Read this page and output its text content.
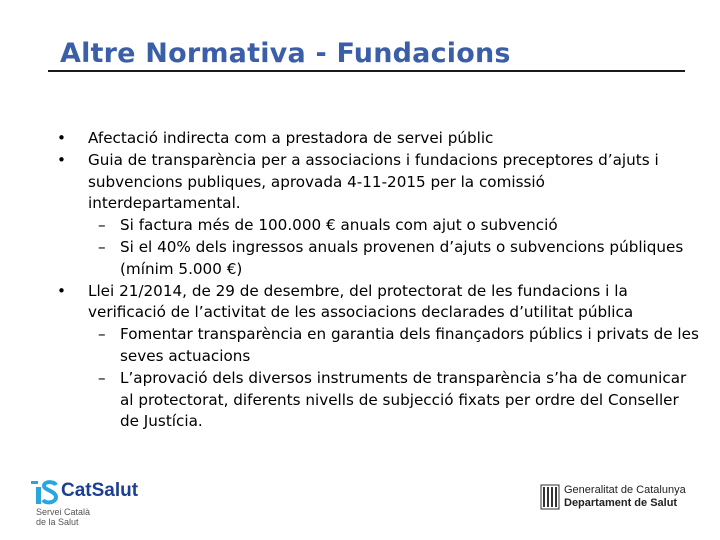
Altre Normativa - Fundacions
• Afectació indirecta com a prestadora de servei públic
• Guia de transparència per a associacions i fundacions preceptores d’ajuts i subvencions publiques, aprovada 4-11-2015 per la comissió interdepartamental.
– Si factura més de 100.000 € anuals com ajut o subvenció
– Si el 40% dels ingressos anuals provenen d’ajuts o subvencions públiques (mínim 5.000 €)
• Llei 21/2014, de 29 de desembre, del protectorat de les fundacions i la verificació de l’activitat de les associacions declarades d’utilitat pública
– Fomentar transparència en garantia dels finançadors públics i privats de les seves actuacions
– L’aprovació dels diversos instruments de transparència s’ha de comunicar al protectorat, diferents nivells de subjecció fixats per ordre del Conseller de Justícia.
CatSalut
Servei Català
de la Salut
Generalitat de Catalunya
Departament de Salut
